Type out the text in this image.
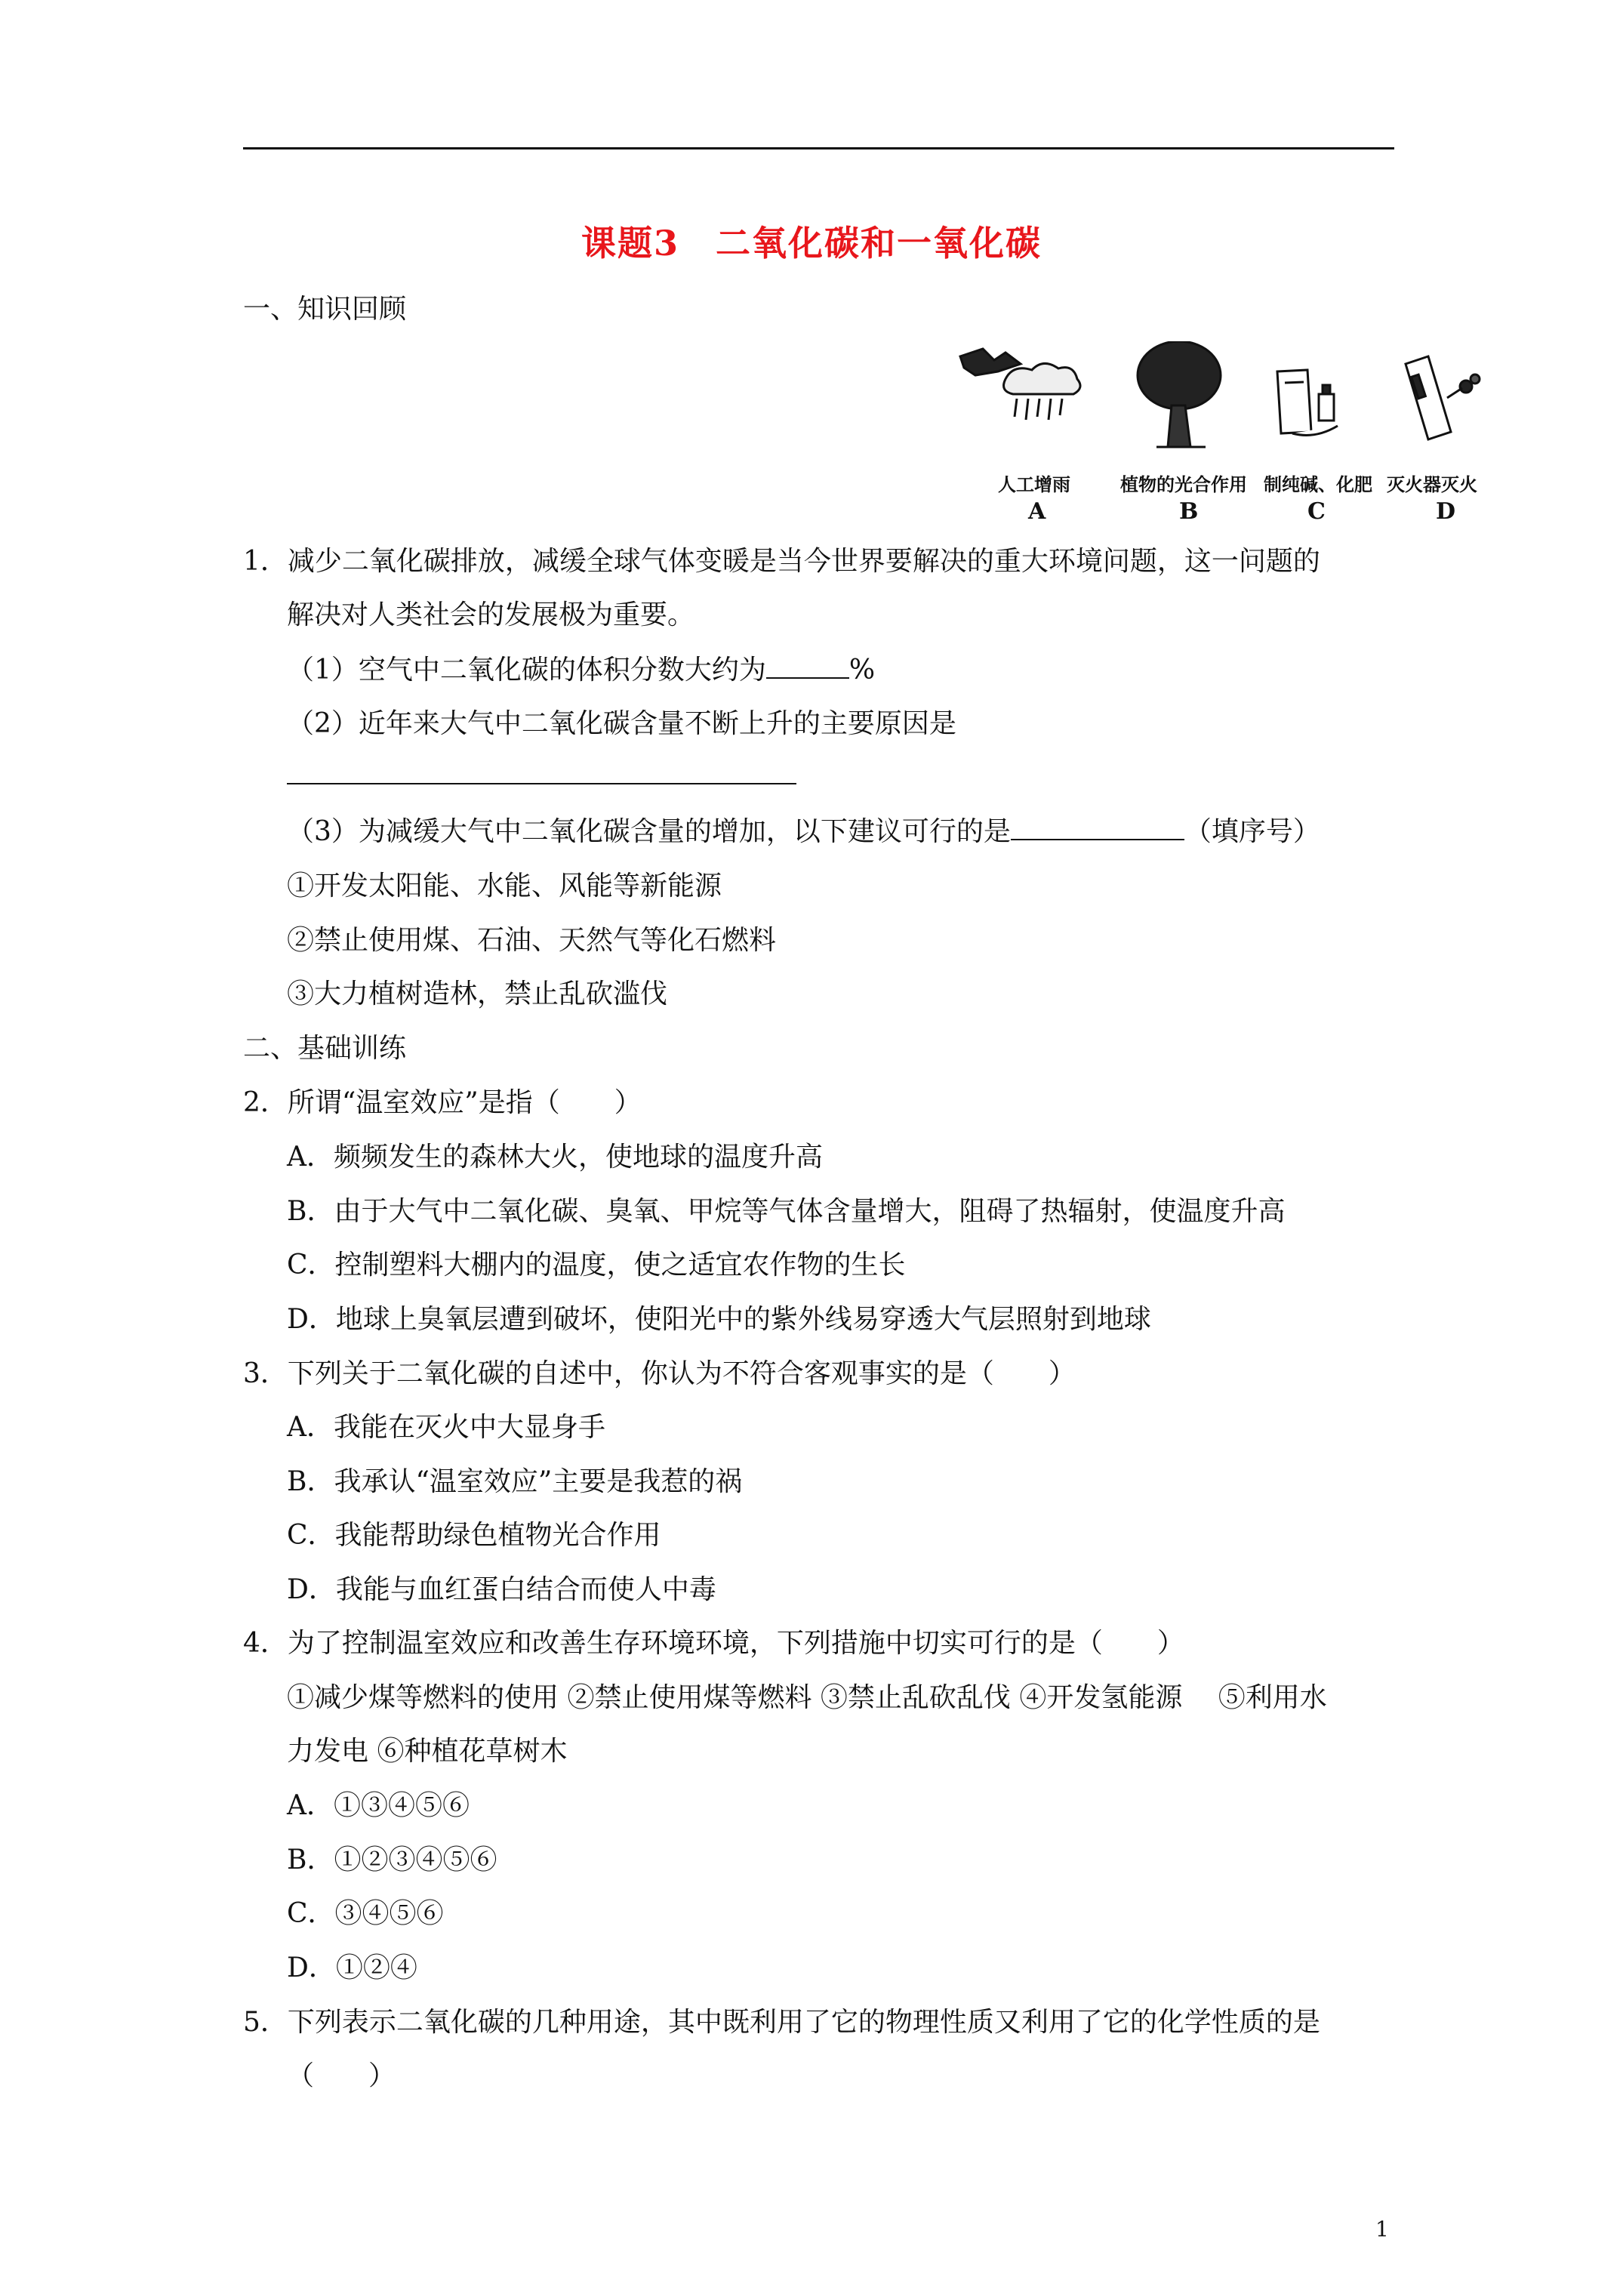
课题3　二氧化碳和一氧化碳
一、知识回顾
人工增雨	植物的光合作用 制纯碱、化肥 灭火器灭火
A	B	C	D
1．减少二氧化碳排放，减缓全球气体变暖是当今世界要解决的重大环境问题，这一问题的
解决对人类社会的发展极为重要。
（1）空气中二氧化碳的体积分数大约为	%
（2）近年来大气中二氧化碳含量不断上升的主要原因是
（3）为减缓大气中二氧化碳含量的增加，以下建议可行的是	（填序号）
①开发太阳能、水能、风能等新能源
②禁止使用煤、石油、天然气等化石燃料
③大力植树造林，禁止乱砍滥伐
二、基础训练
2．所谓“温室效应”是指（　　）
A．频频发生的森林大火，使地球的温度升高
B．由于大气中二氧化碳、臭氧、甲烷等气体含量增大，阻碍了热辐射，使温度升高
C．控制塑料大棚内的温度，使之适宜农作物的生长
D．地球上臭氧层遭到破坏，使阳光中的紫外线易穿透大气层照射到地球
3．下列关于二氧化碳的自述中，你认为不符合客观事实的是（　　）
A．我能在灭火中大显身手
B．我承认“温室效应”主要是我惹的祸
C．我能帮助绿色植物光合作用
D．我能与血红蛋白结合而使人中毒
4．为了控制温室效应和改善生存环境环境，下列措施中切实可行的是（　　）
①减少煤等燃料的使用 ②禁止使用煤等燃料 ③禁止乱砍乱伐 ④开发氢能源　 ⑤利用水
力发电 ⑥种植花草树木
A．①③④⑤⑥
B．①②③④⑤⑥
C．③④⑤⑥
D．①②④
5．下列表示二氧化碳的几种用途，其中既利用了它的物理性质又利用了它的化学性质的是
（　　）
1
